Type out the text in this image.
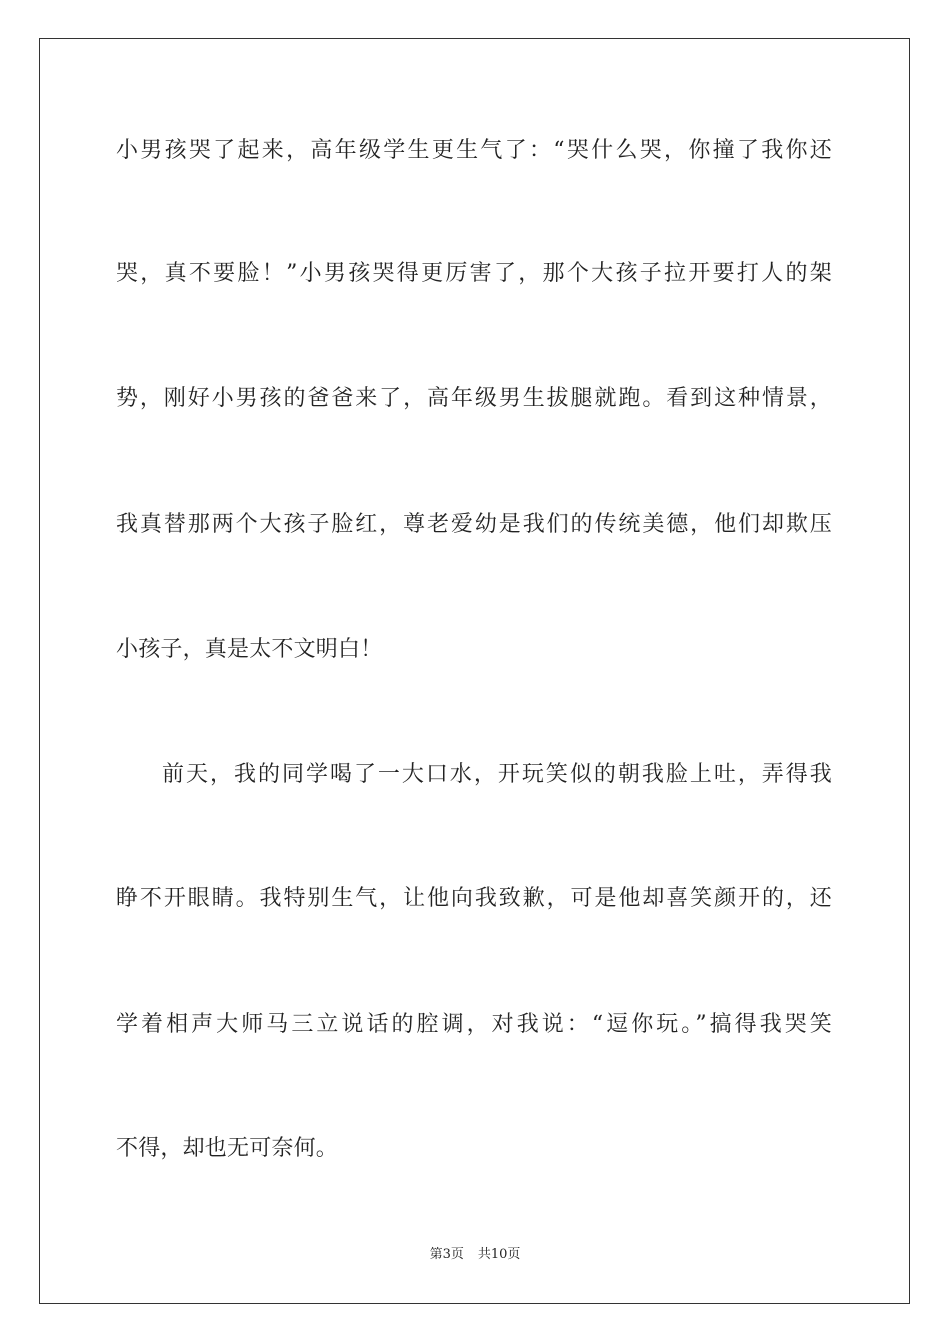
小男孩哭了起来，高年级学生更生气了：“哭什么哭，你撞了我你还
哭，真不要脸！”小男孩哭得更厉害了，那个大孩子拉开要打人的架
势，刚好小男孩的爸爸来了，高年级男生拔腿就跑。看到这种情景，
我真替那两个大孩子脸红，尊老爱幼是我们的传统美德，他们却欺压
小孩子，真是太不文明白！
前天，我的同学喝了一大口水，开玩笑似的朝我脸上吐，弄得我
睁不开眼睛。我特别生气，让他向我致歉，可是他却喜笑颜开的，还
学着相声大师马三立说话的腔调，对我说：“逗你玩。”搞得我哭笑
不得，却也无可奈何。
第3页 共10页
